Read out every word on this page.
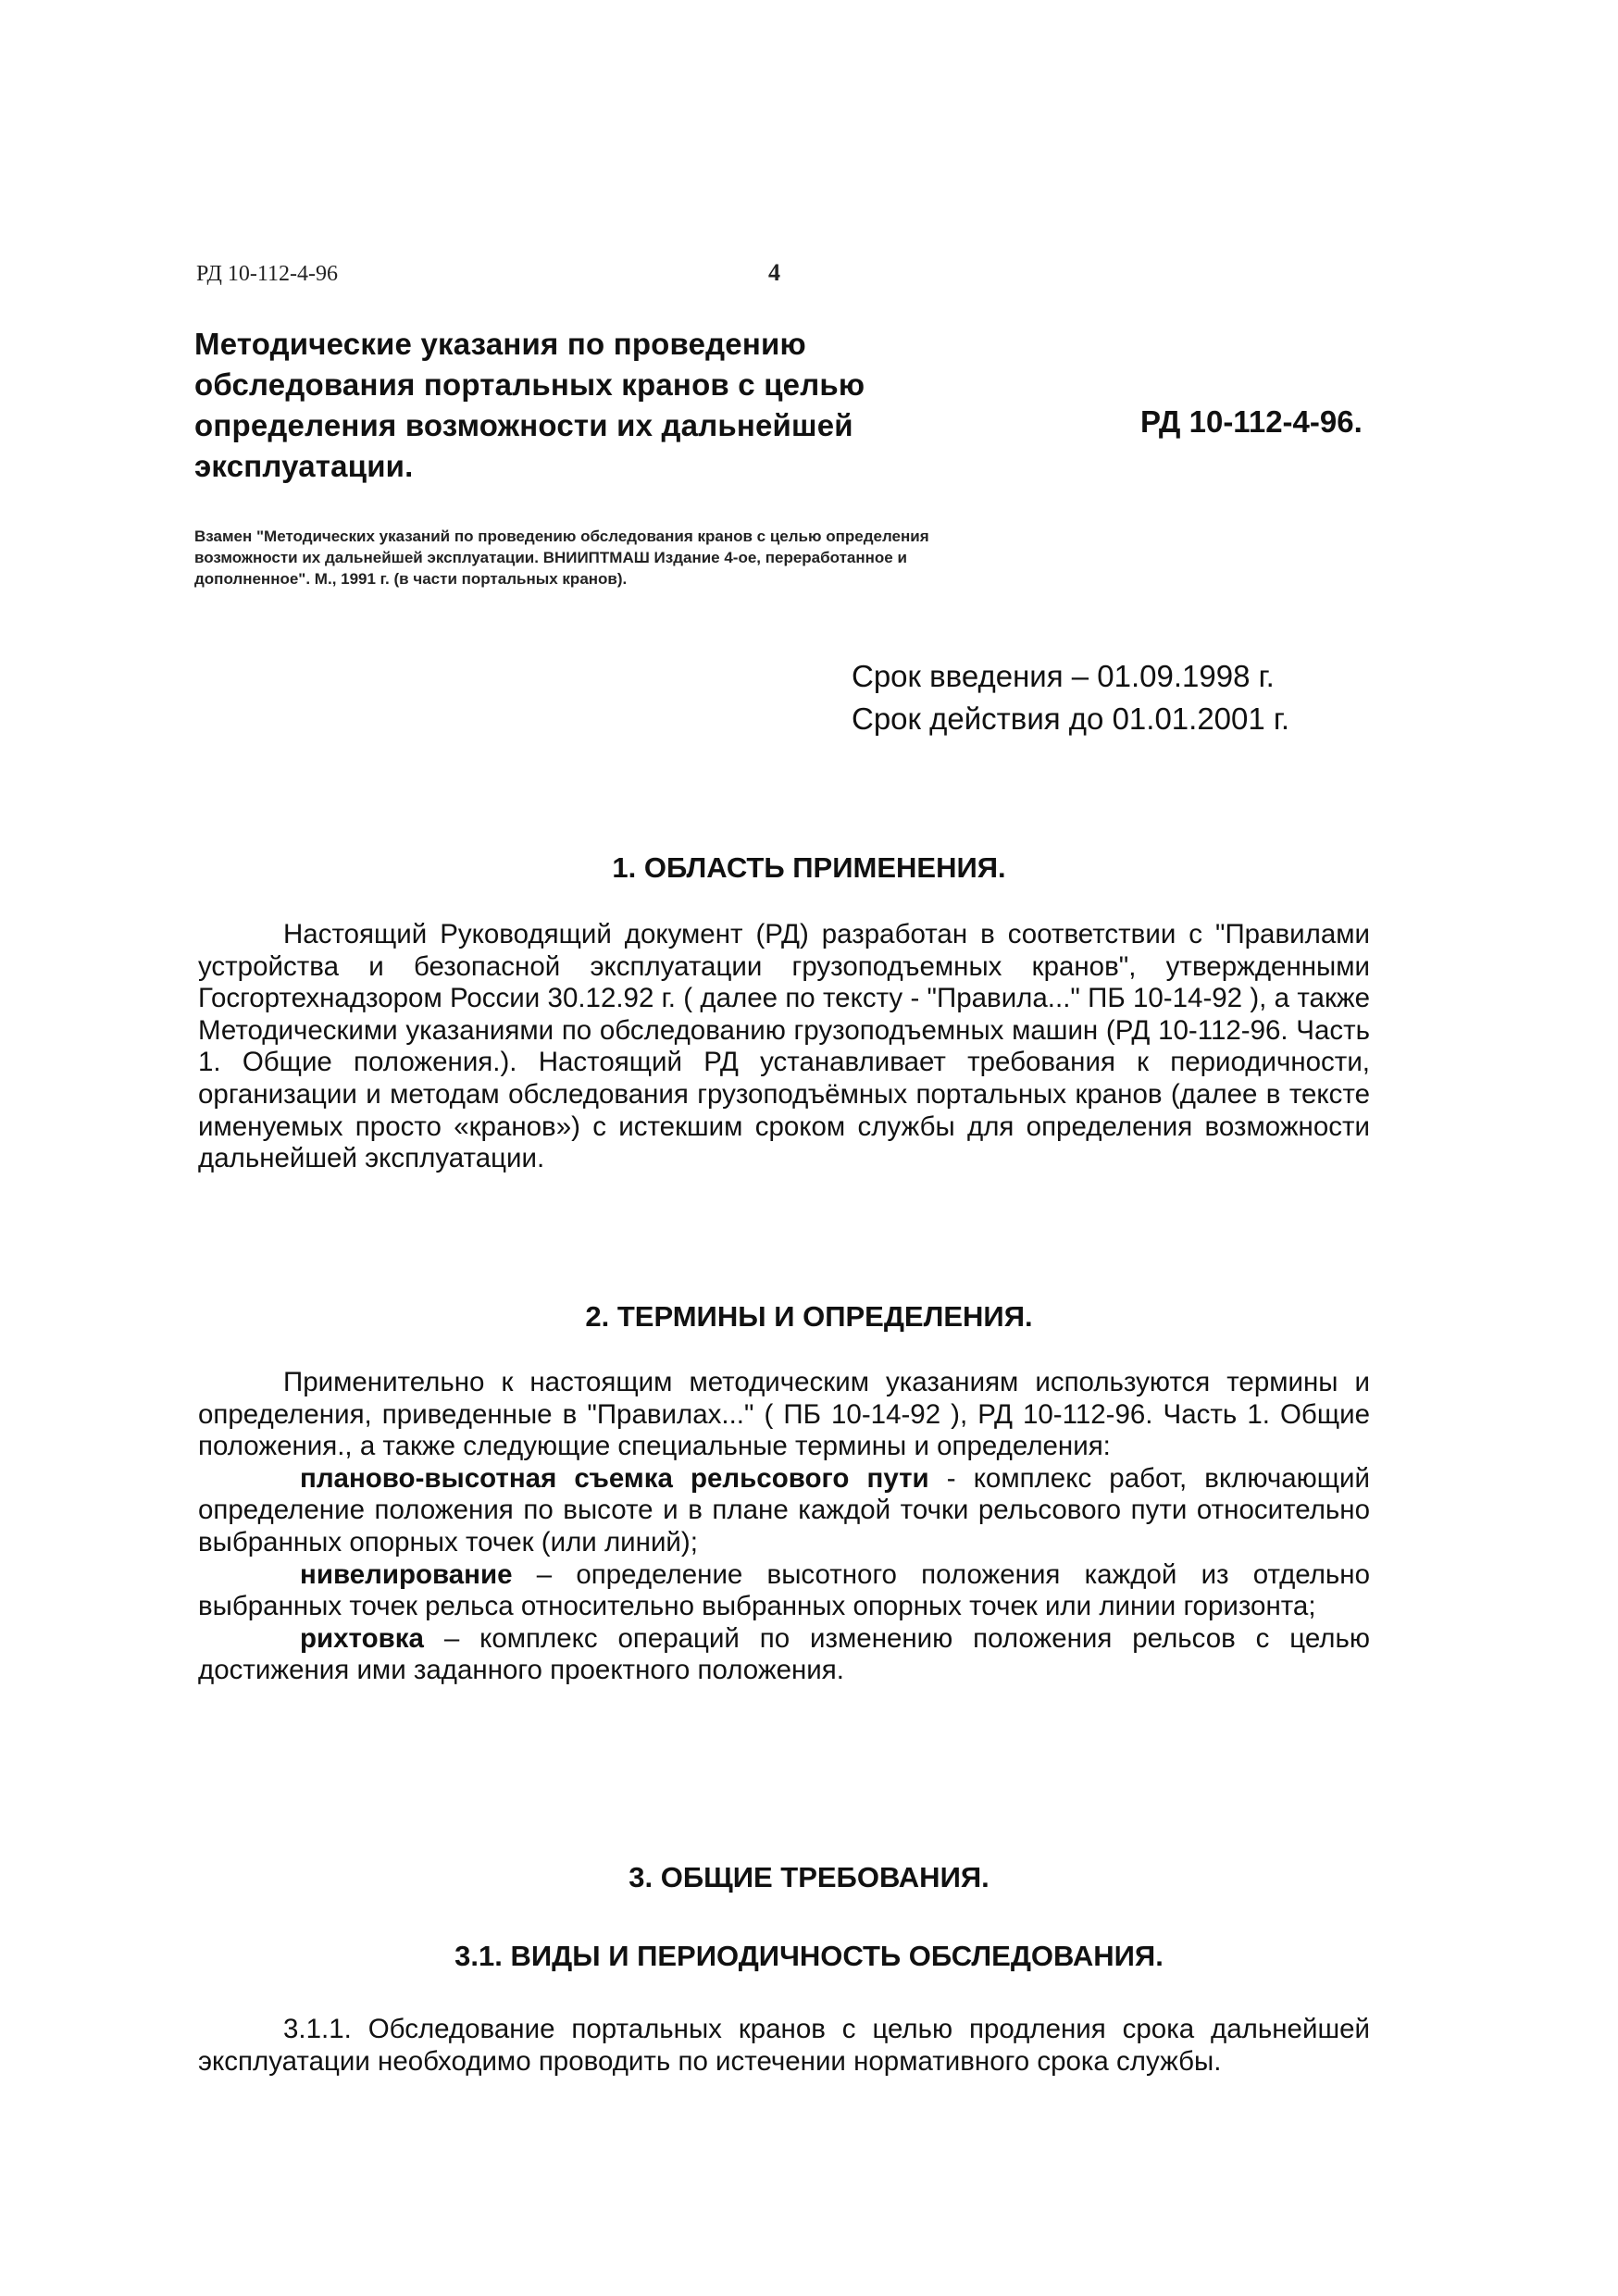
РД 10-112-4-96	4
Методические указания по проведению
обследования портальных кранов с целью
определения возможности их дальнейшей
эксплуатации.
РД 10-112-4-96.
Взамен "Методических указаний по проведению обследования кранов с целью определения возможности их дальнейшей эксплуатации. ВНИИПТМАШ Издание 4-ое, переработанное и дополненное". М., 1991 г. (в части портальных кранов).
Срок введения – 01.09.1998 г.
Срок действия до 01.01.2001 г.
1. ОБЛАСТЬ ПРИМЕНЕНИЯ.

Настоящий Руководящий документ (РД) разработан в соответствии с "Правилами устройства и безопасной эксплуатации грузоподъемных кранов", утвержденными Госгортехнадзором России 30.12.92 г. ( далее по тексту - "Правила..." ПБ 10-14-92 ), а также Методическими указаниями по обследованию грузоподъемных машин (РД 10-112-96. Часть 1. Общие положения.). Настоящий РД устанавливает требования к периодичности, организации и методам обследования грузоподъёмных портальных кранов (далее в тексте именуемых просто «кранов») с истекшим сроком службы для определения возможности дальнейшей эксплуатации.

2. ТЕРМИНЫ И ОПРЕДЕЛЕНИЯ.

Применительно к настоящим методическим указаниям используются термины и определения, приведенные в "Правилах..." ( ПБ 10-14-92 ), РД 10-112-96. Часть 1. Общие положения., а также следующие специальные термины и определения:

планово-высотная съемка рельсового пути - комплекс работ, включающий определение положения по высоте и в плане каждой точки рельсового пути относительно выбранных опорных точек (или линий);

нивелирование – определение высотного положения каждой из отдельно выбранных точек рельса относительно выбранных опорных точек или линии горизонта;

рихтовка – комплекс операций по изменению положения рельсов с целью достижения ими заданного проектного положения.

3. ОБЩИЕ ТРЕБОВАНИЯ.
3.1. ВИДЫ И ПЕРИОДИЧНОСТЬ ОБСЛЕДОВАНИЯ.

3.1.1. Обследование портальных кранов с целью продления срока дальнейшей эксплуатации необходимо проводить по истечении нормативного срока службы.
